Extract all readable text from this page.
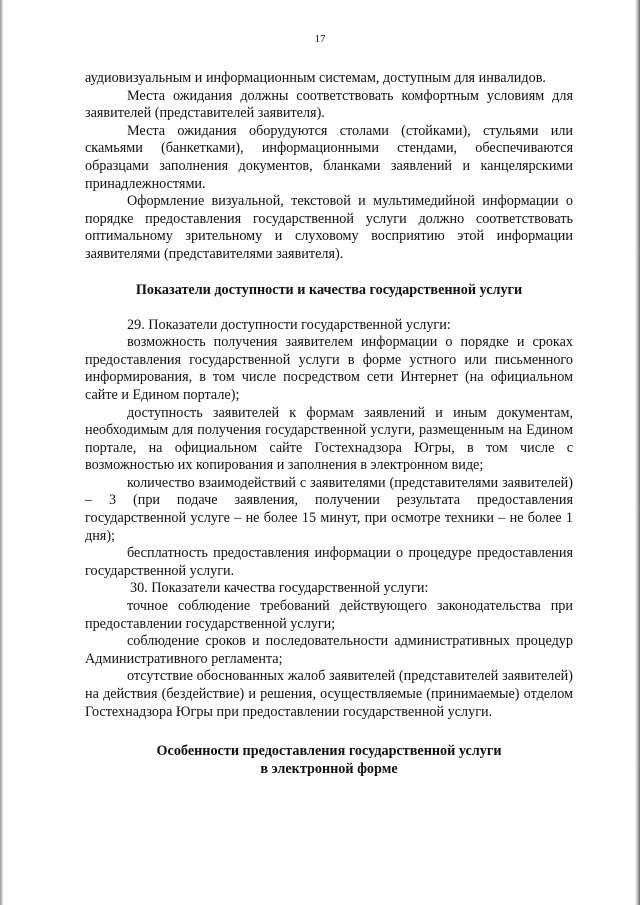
17

аудиовизуальным и информационным системам, доступным для инвалидов.

Места ожидания должны соответствовать комфортным условиям для заявителей (представителей заявителя).

Места ожидания оборудуются столами (стойками), стульями или скамьями (банкетками), информационными стендами, обеспечиваются образцами заполнения документов, бланками заявлений и канцелярскими принадлежностями.

Оформление визуальной, текстовой и мультимедийной информации о порядке предоставления государственной услуги должно соответствовать оптимальному зрительному и слуховому восприятию этой информации заявителями (представителями заявителя).

Показатели доступности и качества государственной услуги

29. Показатели доступности государственной услуги:

возможность получения заявителем информации о порядке и сроках предоставления государственной услуги в форме устного или письменного информирования, в том числе посредством сети Интернет (на официальном сайте и Едином портале);

доступность заявителей к формам заявлений и иным документам, необходимым для получения государственной услуги, размещенным на Едином портале, на официальном сайте Гостехнадзора Югры, в том числе с возможностью их копирования и заполнения в электронном виде;

количество взаимодействий с заявителями (представителями заявителей) – 3 (при подаче заявления, получении результата предоставления государственной услуге – не более 15 минут, при осмотре техники – не более 1 дня);

бесплатность предоставления информации о процедуре предоставления государственной услуги.

30. Показатели качества государственной услуги:

точное соблюдение требований действующего законодательства при предоставлении государственной услуги;

соблюдение сроков и последовательности административных процедур Административного регламента;

отсутствие обоснованных жалоб заявителей (представителей заявителей) на действия (бездействие) и решения, осуществляемые (принимаемые) отделом Гостехнадзора Югры при предоставлении государственной услуги.

Особенности предоставления государственной услуги

в электронной форме
